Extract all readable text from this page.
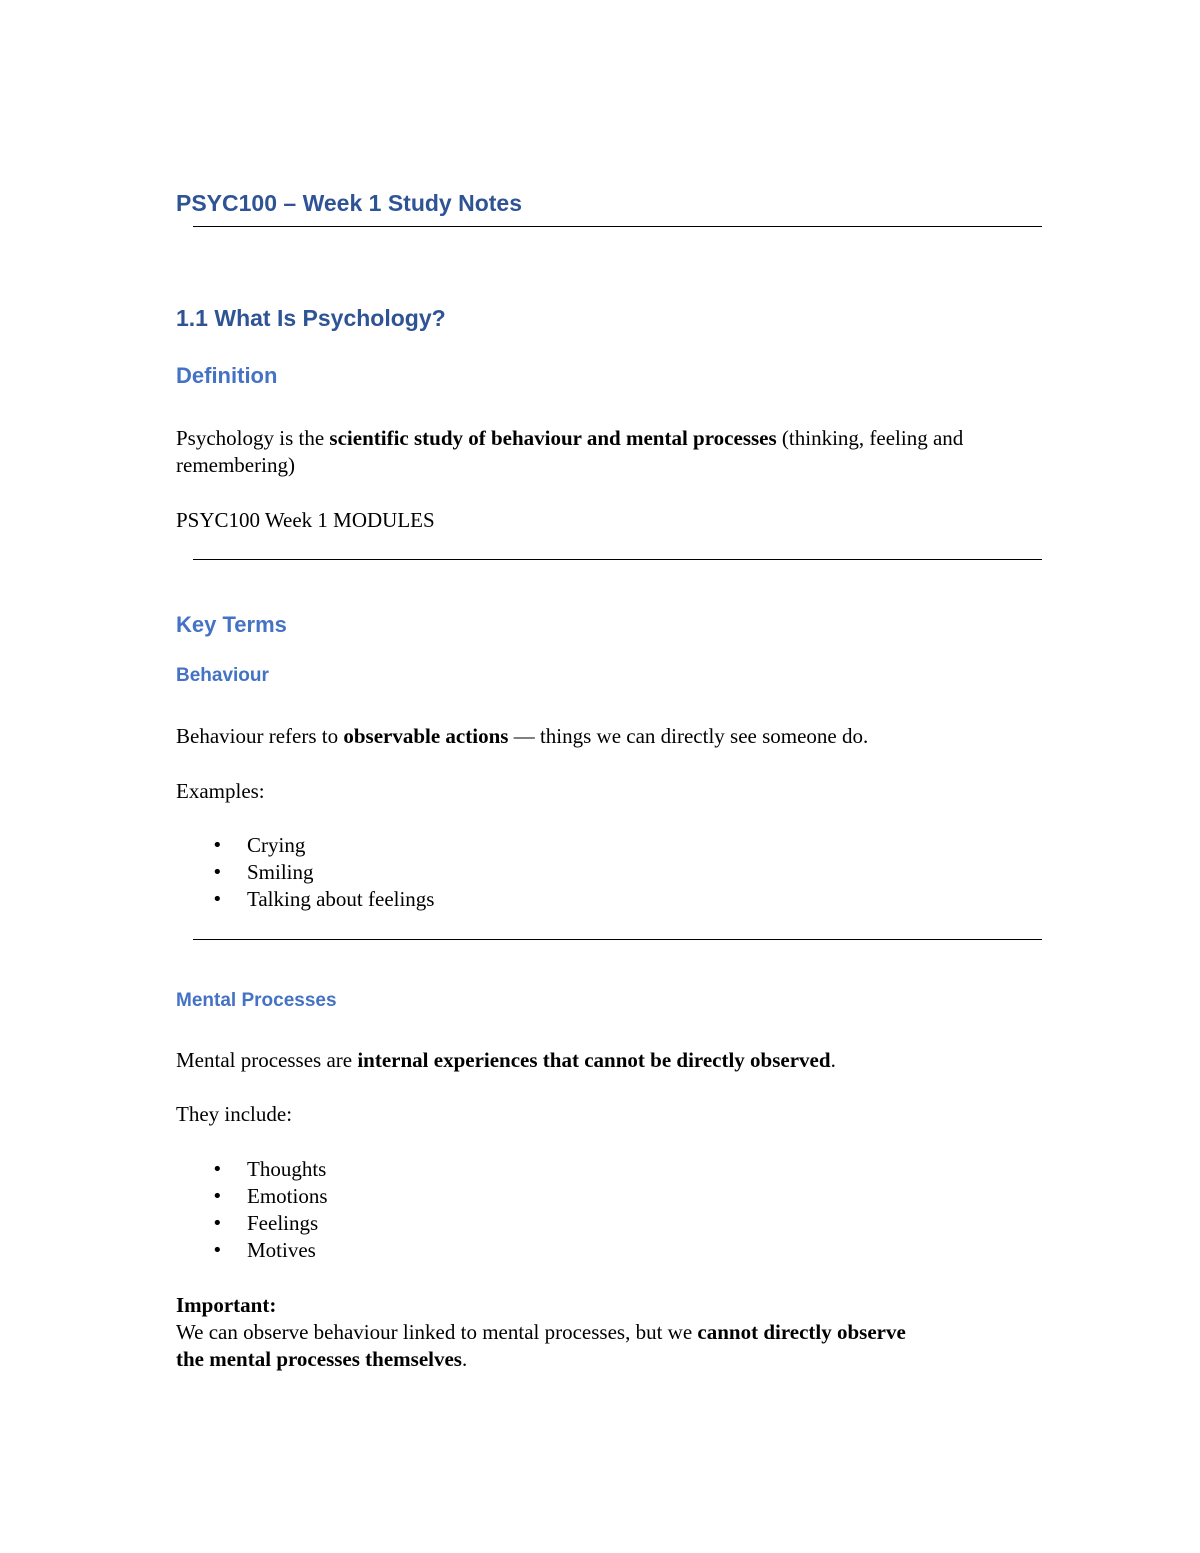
PSYC100 – Week 1 Study Notes
1.1 What Is Psychology?
Definition
Psychology is the scientific study of behaviour and mental processes (thinking, feeling and remembering)
PSYC100 Week 1 MODULES
Key Terms
Behaviour
Behaviour refers to observable actions — things we can directly see someone do.
Examples:
• Crying
• Smiling
• Talking about feelings
Mental Processes
Mental processes are internal experiences that cannot be directly observed.
They include:
• Thoughts
• Emotions
• Feelings
• Motives
Important:
We can observe behaviour linked to mental processes, but we cannot directly observe
the mental processes themselves.
